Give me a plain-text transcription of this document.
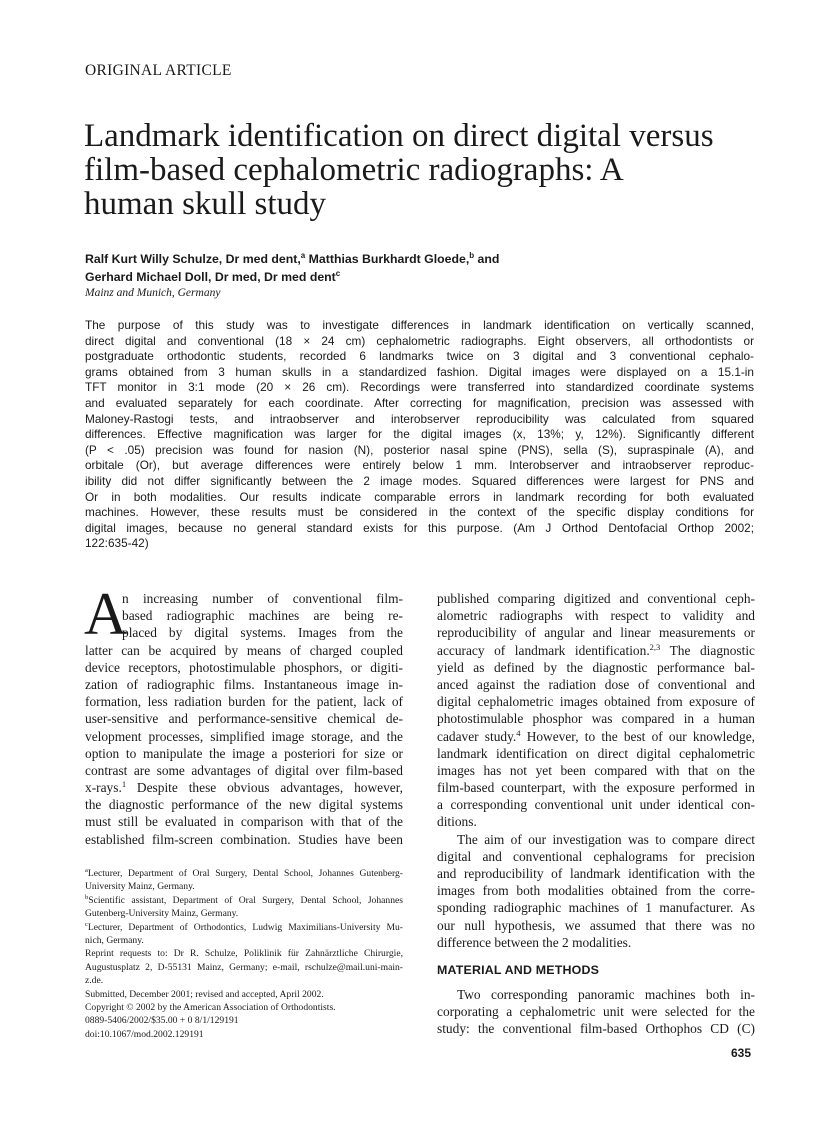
ORIGINAL ARTICLE
Landmark identification on direct digital versus
film-based cephalometric radiographs: A
human skull study
Ralf Kurt Willy Schulze, Dr med dent,$^a$ Matthias Burkhardt Gloede,$^b$ and
Gerhard Michael Doll, Dr med, Dr med dent$^c$
Mainz and Munich, Germany
The purpose of this study was to investigate differences in landmark identification on vertically scanned,
direct digital and conventional (18 × 24 cm) cephalometric radiographs. Eight observers, all orthodontists or
postgraduate orthodontic students, recorded 6 landmarks twice on 3 digital and 3 conventional cephalo-
grams obtained from 3 human skulls in a standardized fashion. Digital images were displayed on a 15.1-in
TFT monitor in 3:1 mode (20 × 26 cm). Recordings were transferred into standardized coordinate systems
and evaluated separately for each coordinate. After correcting for magnification, precision was assessed with
Maloney-Rastogi tests, and intraobserver and interobserver reproducibility was calculated from squared
differences. Effective magnification was larger for the digital images (x, 13%; y, 12%). Significantly different
(P < .05) precision was found for nasion (N), posterior nasal spine (PNS), sella (S), supraspinale (A), and
orbitale (Or), but average differences were entirely below 1 mm. Interobserver and intraobserver reproduc-
ibility did not differ significantly between the 2 image modes. Squared differences were largest for PNS and
Or in both modalities. Our results indicate comparable errors in landmark recording for both evaluated
machines. However, these results must be considered in the context of the specific display conditions for
digital images, because no general standard exists for this purpose. (Am J Orthod Dentofacial Orthop 2002;
122:635-42)
A
n increasing number of conventional film-
based radiographic machines are being re-
placed by digital systems. Images from the
latter can be acquired by means of charged coupled
device receptors, photostimulable phosphors, or digiti-
zation of radiographic films. Instantaneous image in-
formation, less radiation burden for the patient, lack of
user-sensitive and performance-sensitive chemical de-
velopment processes, simplified image storage, and the
option to manipulate the image a posteriori for size or
contrast are some advantages of digital over film-based
x-rays.$^1$ Despite these obvious advantages, however,
the diagnostic performance of the new digital systems
must still be evaluated in comparison with that of the
established film-screen combination. Studies have been
$^a$Lecturer, Department of Oral Surgery, Dental School, Johannes Gutenberg-
University Mainz, Germany.
$^b$Scientific assistant, Department of Oral Surgery, Dental School, Johannes
Gutenberg-University Mainz, Germany.
$^c$Lecturer, Department of Orthodontics, Ludwig Maximilians-University Mu-
nich, Germany.
Reprint requests to: Dr R. Schulze, Poliklinik für Zahnärztliche Chirurgie,
Augustusplatz 2, D-55131 Mainz, Germany; e-mail, rschulze@mail.uni-main-
z.de.
Submitted, December 2001; revised and accepted, April 2002.
Copyright © 2002 by the American Association of Orthodontists.
0889-5406/2002/$35.00 + 0 8/1/129191
doi:10.1067/mod.2002.129191
published comparing digitized and conventional ceph-
alometric radiographs with respect to validity and
reproducibility of angular and linear measurements or
accuracy of landmark identification.$^{2,3}$ The diagnostic
yield as defined by the diagnostic performance bal-
anced against the radiation dose of conventional and
digital cephalometric images obtained from exposure of
photostimulable phosphor was compared in a human
cadaver study.$^4$ However, to the best of our knowledge,
landmark identification on direct digital cephalometric
images has not yet been compared with that on the
film-based counterpart, with the exposure performed in
a corresponding conventional unit under identical con-
ditions.
The aim of our investigation was to compare direct
digital and conventional cephalograms for precision
and reproducibility of landmark identification with the
images from both modalities obtained from the corre-
sponding radiographic machines of 1 manufacturer. As
our null hypothesis, we assumed that there was no
difference between the 2 modalities.
MATERIAL AND METHODS
Two corresponding panoramic machines both in-
corporating a cephalometric unit were selected for the
study: the conventional film-based Orthophos CD (C)
635
